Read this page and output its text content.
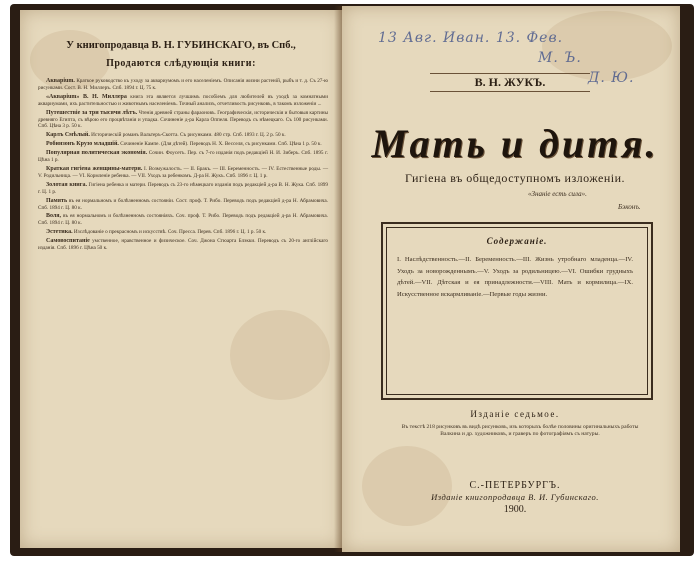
У книгопродавца В. Н. ГУБИНСКАГО, въ Спб.,
Продаются слѣдующія книги:

Акварium. Краткое руководство къ уходу за аквариумомъ и его населеніемъ. Описанія жизни растеній, рыбъ и т. д. Съ 27-ю рисунками. Сост. В. Н. Миллеръ. Спб. 1894 г. Ц. 75 к.

«Акварium» В. Н. Миллера книга эта является лучшимъ пособіемъ для любителей въ уходѣ за комнатными аквариумами, ихъ растительностью и животнымъ населеніемъ. Точный анализъ, отчетливость рисунковъ, в такомъ изложеніи ...

Путешествіе за три тысячи лѣтъ. Чтенія древней страны фараоновъ. Географическія, историческія и бытовыя картины древняго Египта, съ вѣрою его процвѣтанія и упадка. Сочиненіе д-ра Карла Оппеля. Переводъ съ нѣмецкаго. Съ 100 рисунками. Спб. Цѣна 3 р. 50 к.

Карлъ Смѣлый. Историческій романъ Вальтеръ-Скотта. Съ рисунками. 480 стр. Спб. 1893 г. Ц. 2 р. 50 к.

Робинзонъ Крузо младшій. Сочиненіе Кампе. (Для дѣтей). Переводъ Н. Х. Весселя, съ рисунками. Спб. Цѣна 1 р. 50 к.

Популярная политическая экономія. Сочин. Фоусетъ. Пер. съ 7-го изданія подъ редакціей Н. И. Зиберъ. Спб. 1895 г. Цѣна 1 р.

Краткая гигіена женщины-матери. I. Возмужалость. — II. Бракъ. — III. Беременность. — IV. Естественные роды. — V. Родильница. — VI. Кормленіе ребенка. — VII. Уходъ за ребенкомъ. Д-ра Н. Жукъ. Спб. 1896 г. Ц. 1 р.

Золотая книга. Гигіена ребенка и матери. Переводъ съ 23-го нѣмецкаго изданія подъ редакціей д-ра В. Н. Жука. Спб. 1899 г. Ц. 1 р.

Память въ ея нормальномъ и болѣзненномъ состояніи. Сост. проф. Т. Рибо. Переводъ подъ редакціей д-ра Н. Абрамовича. Спб. 1894 г. Ц. 80 к.

Воля, въ ея нормальномъ и болѣзненномъ состояніяхъ. Соч. проф. Т. Рибо. Переводъ подъ редакціей д-ра Н. Абрамовича. Спб. 1894 г. Ц. 80 к.

Эстетика. Изслѣдованіе о прекрасномъ и искусствѣ. Соч. Пресса. Перев. Спб. 1896 г. Ц. 1 р. 50 к.

Самовоспитаніе умственное, нравственное и физическое. Соч. Джона Стюарта Блэкки. Переводъ съ 20-го англійскаго изданія. Спб. 1896 г. Цѣна 50 к.

13 Авг. Иван. 13. Фев.
М. Ъ.
Д. Ю.
В. Н. ЖУКЪ.
Мать и дитя.
Гигіена въ общедоступномъ изложеніи.
«Знаніе есть сила».
Бэконъ.
Содержаніе.
I. Наслѣдственность.—II. Беременность.—III. Жизнь утробнаго младенца.—IV. Уходъ за новорожденнымъ.—V. Уходъ за родильницею.—VI. Ошибки грудныхъ дѣтей.—VII. Дѣтская и ея принадлежности.—VIII. Мать и кормилица.—IX. Искусственное вскармливаніе.—Первые годы жизни.
Изданіе седьмое.
Въ текстѣ 218 рисунковъ въ видѣ рисунковъ, изъ которыхъ болѣе половины оригинальныхъ работы Валкина и др. художниковъ, и граверъ по фотографіямъ съ натуры.
С.-ПЕТЕРБУРГЪ.
Изданіе книгопродавца В. И. Губинскаго.
1900.
